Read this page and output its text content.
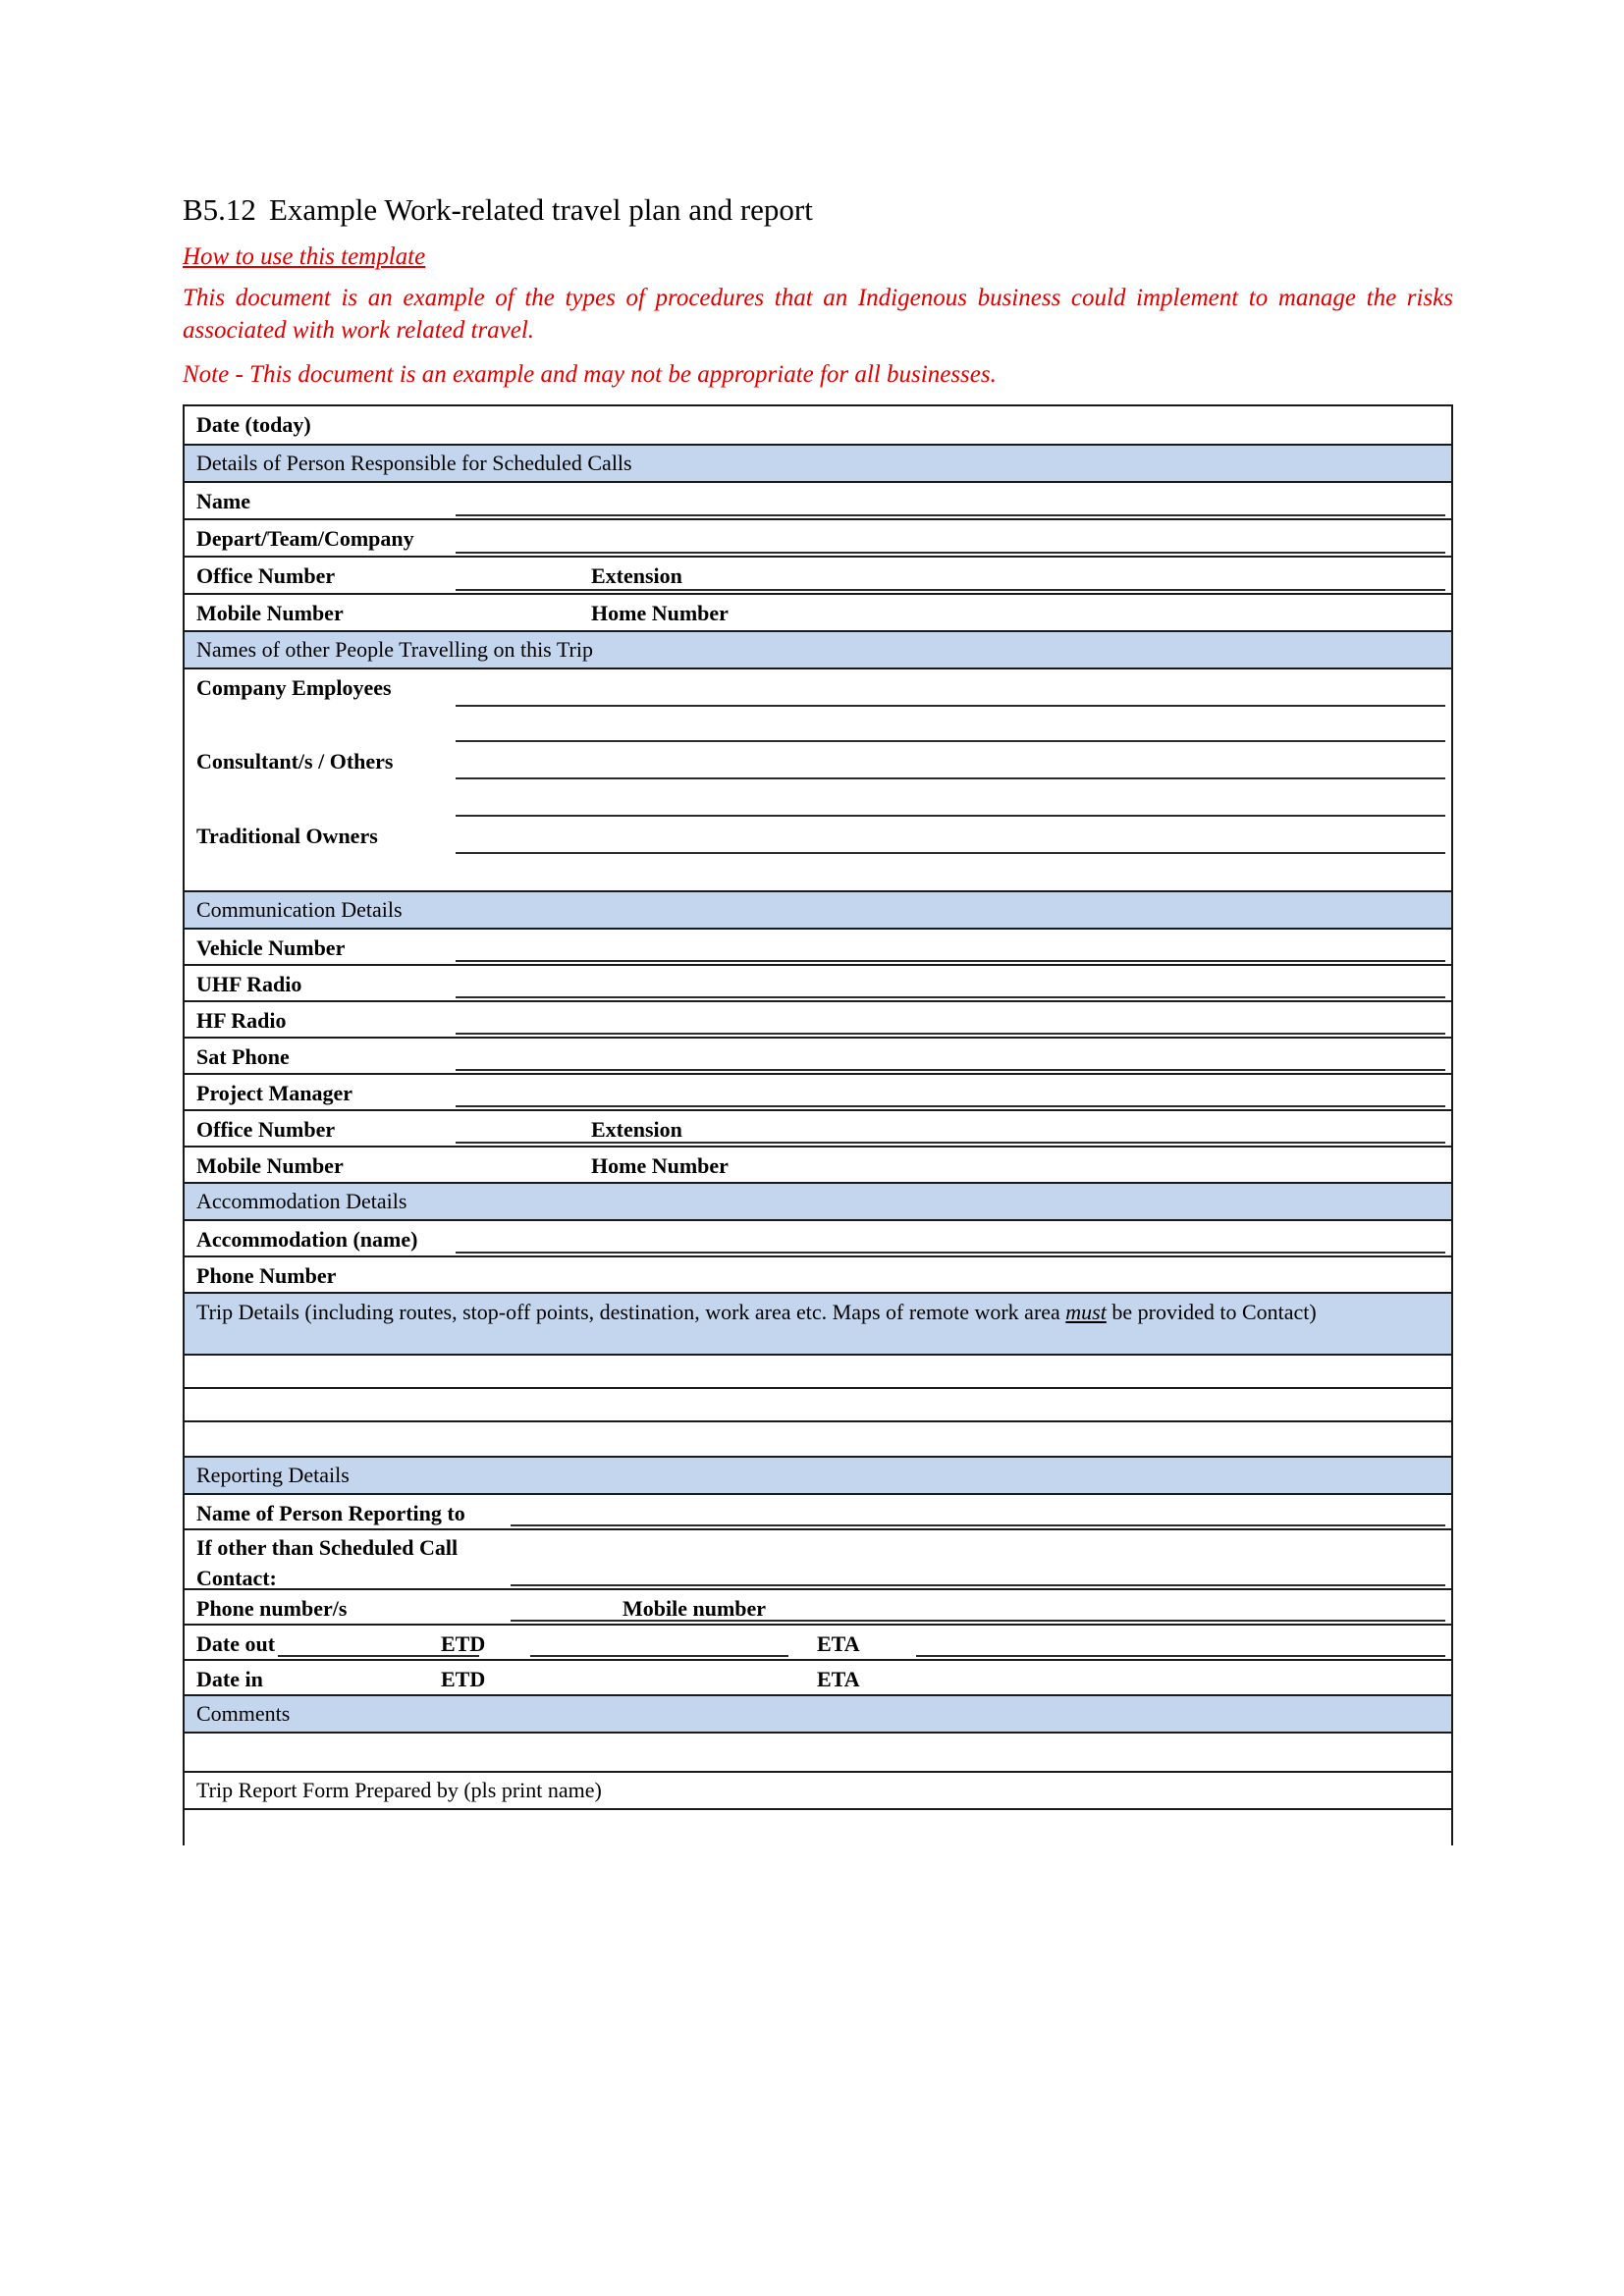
B5.12 Example Work-related travel plan and report

How to use this template

This document is an example of the types of procedures that an Indigenous business could implement to manage the risks associated with work related travel.

Note - This document is an example and may not be appropriate for all businesses.

Date (today)
Details of Person Responsible for Scheduled Calls
Name
Depart/Team/Company
Office Number	Extension
Mobile Number	Home Number
Names of other People Travelling on this Trip
Company Employees
Consultant/s / Others
Traditional Owners
Communication Details
Vehicle Number
UHF Radio
HF Radio
Sat Phone
Project Manager
Office Number	Extension
Mobile Number	Home Number
Accommodation Details
Accommodation (name)
Phone Number
Trip Details (including routes, stop-off points, destination, work area etc. Maps of remote work area must be provided to Contact)
Reporting Details
Name of Person Reporting to
If other than Scheduled Call
Contact:
Phone number/s	Mobile number
Date out	ETD	ETA
Date in	ETD	ETA
Comments
Trip Report Form Prepared by (pls print name)
